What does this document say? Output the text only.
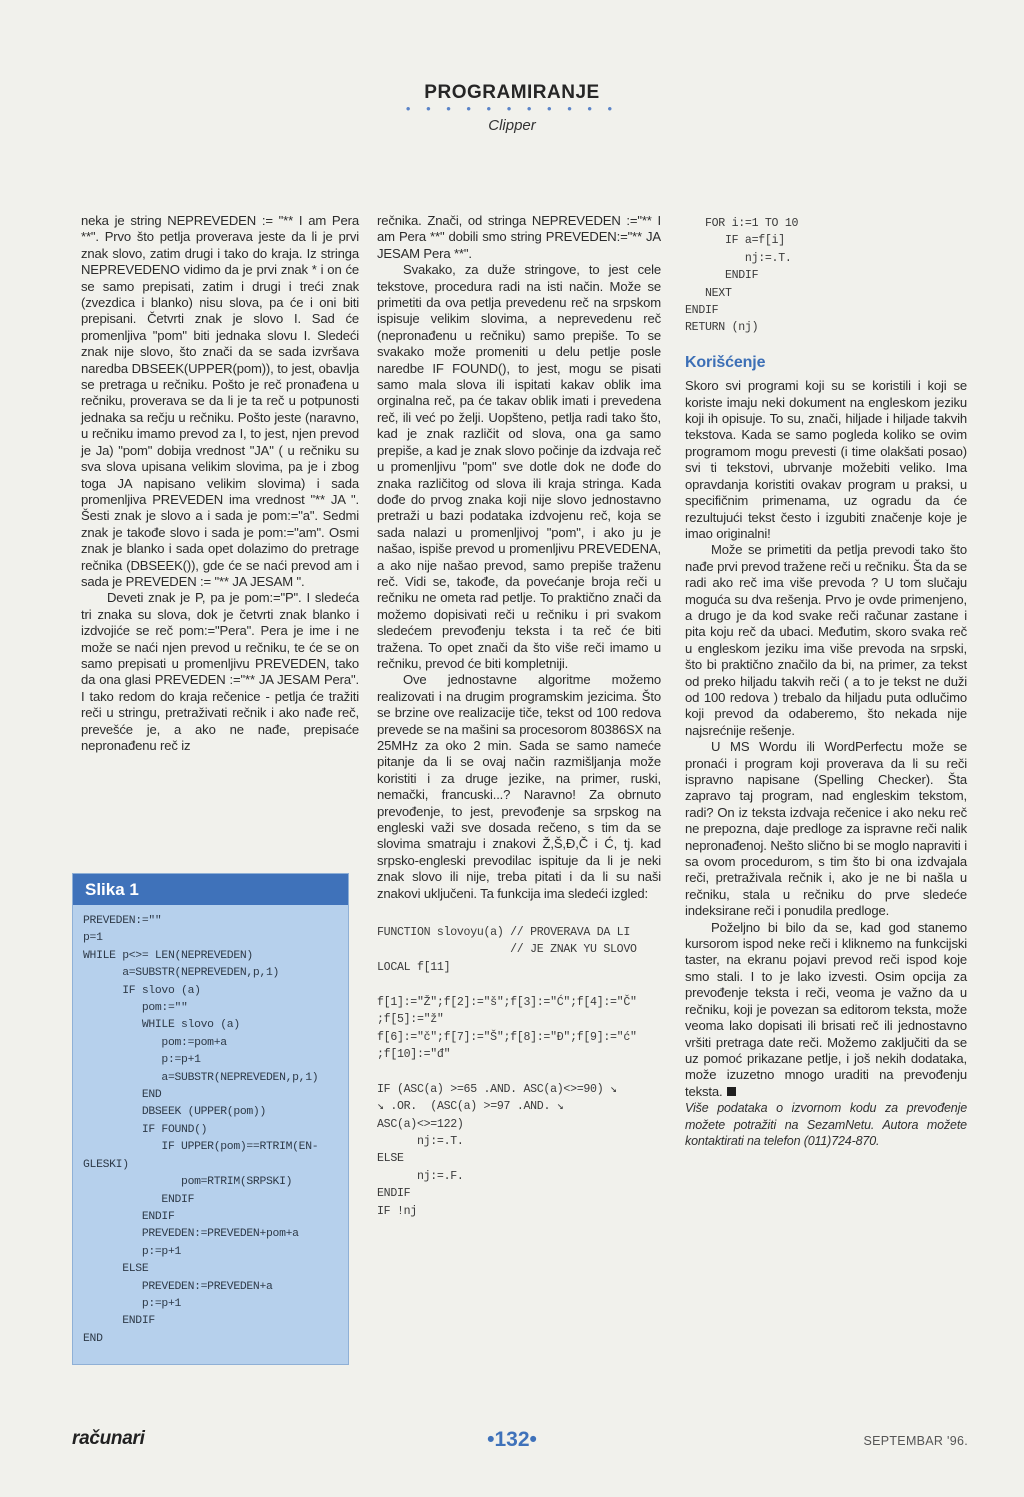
PROGRAMIRANJE
• • • • • • • • • • •
Clipper

neka je string NEPREVEDEN := "** I am Pera **". Prvo što petlja proverava jeste da li je prvi znak slovo, zatim drugi i tako do kraja. Iz stringa NEPREVEDENO vidimo da je prvi znak * i on će se samo prepisati, zatim i drugi i treći znak (zvezdica i blanko) nisu slova, pa će i oni biti prepisani. Četvrti znak je slovo I. Sad će promenljiva "pom" biti jednaka slovu I. Sledeći znak nije slovo, što znači da se sada izvršava naredba DBSEEK(UPPER(pom)), to jest, obavlja se pretraga u rečniku. Pošto je reč pronađena u rečniku, proverava se da li je ta reč u potpunosti jednaka sa rečju u rečniku. Pošto jeste (naravno, u rečniku imamo prevod za I, to jest, njen prevod je Ja) "pom" dobija vrednost "JA" ( u rečniku su sva slova upisana velikim slovima, pa je i zbog toga JA napisano velikim slovima) i sada promenljiva PREVEDEN ima vrednost "** JA ". Šesti znak je slovo a i sada je pom:="a". Sedmi znak je takođe slovo i sada je pom:="am". Osmi znak je blanko i sada opet dolazimo do pretrage rečnika (DBSEEK()), gde će se naći prevod am i sada je PREVEDEN := "** JA JESAM ".

Deveti znak je P, pa je pom:="P". I sledeća tri znaka su slova, dok je četvrti znak blanko i izdvojiće se reč pom:="Pera". Pera je ime i ne može se naći njen prevod u rečniku, te će se on samo prepisati u promenljivu PREVEDEN, tako da ona glasi PREVEDEN :="** JA JESAM Pera". I tako redom do kraja rečenice - petlja će tražiti reči u stringu, pretraživati rečnik i ako nađe reč, prevešće je, a ako ne nađe, prepisaće nepronađenu reč iz

Slika 1
PREVEDEN:=""
p=1
WHILE p<>= LEN(NEPREVEDEN)
a=SUBSTR(NEPREVEDEN,p,1)
IF slovo (a)
pom:=""
WHILE slovo (a)
pom:=pom+a
p:=p+1
a=SUBSTR(NEPREVEDEN,p,1)
END
DBSEEK (UPPER(pom))
IF FOUND()
IF UPPER(pom)==RTRIM(EN-
GLESKI)
pom=RTRIM(SRPSKI)
ENDIF
ENDIF
PREVEDEN:=PREVEDEN+pom+a
p:=p+1
ELSE
PREVEDEN:=PREVEDEN+a
p:=p+1
ENDIF
END

rečnika. Znači, od stringa NEPREVEDEN :="** I am Pera **" dobili smo string PREVEDEN:="** JA JESAM Pera **".

Svakako, za duže stringove, to jest cele tekstove, procedura radi na isti način. Može se primetiti da ova petlja prevedenu reč na srpskom ispisuje velikim slovima, a neprevedenu reč (nepronađenu u rečniku) samo prepiše. To se svakako može promeniti u delu petlje posle naredbe IF FOUND(), to jest, mogu se pisati samo mala slova ili ispitati kakav oblik ima orginalna reč, pa će takav oblik imati i prevedena reč, ili već po želji. Uopšteno, petlja radi tako što, kad je znak različit od slova, ona ga samo prepiše, a kad je znak slovo počinje da izdvaja reč u promenljivu "pom" sve dotle dok ne dođe do znaka različitog od slova ili kraja stringa. Kada dođe do prvog znaka koji nije slovo jednostavno pretraži u bazi podataka izdvojenu reč, koja se sada nalazi u promenljivoj "pom", i ako ju je našao, ispiše prevod u promenljivu PREVEDENA, a ako nije našao prevod, samo prepiše traženu reč. Vidi se, takođe, da povećanje broja reči u rečniku ne ometa rad petlje. To praktično znači da možemo dopisivati reči u rečniku i pri svakom sledećem prevođenju teksta i ta reč će biti tražena. To opet znači da što više reči imamo u rečniku, prevod će biti kompletniji.

Ove jednostavne algoritme možemo realizovati i na drugim programskim jezicima. Što se brzine ove realizacije tiče, tekst od 100 redova prevede se na mašini sa procesorom 80386SX na 25MHz za oko 2 min. Sada se samo nameće pitanje da li se ovaj način razmišljanja može koristiti i za druge jezike, na primer, ruski, nemački, francuski...? Naravno! Za obrnuto prevođenje, to jest, prevođenje sa srpskog na engleski važi sve dosada rečeno, s tim da se slovima smatraju i znakovi Ž,Š,Đ,Č i Ć, tj. kad srpsko-engleski prevodilac ispituje da li je neki znak slovo ili nije, treba pitati i da li su naši znakovi uključeni. Ta funkcija ima sledeći izgled:

FUNCTION slovoyu(a) // PROVERAVA DA LI
// JE ZNAK YU SLOVO
LOCAL f[11]

f[1]:="Ž";f[2]:="š";f[3]:="Ć";f[4]:="Č"
;f[5]:="ž"
f[6]:="č";f[7]:="Š";f[8]:="Đ";f[9]:="ć"
;f[10]:="đ"

IF (ASC(a) >=65 .AND. ASC(a)<>=90) ↘
↘ .OR.  (ASC(a) >=97 .AND. ↘
ASC(a)<>=122)
nj:=.T.
ELSE
nj:=.F.
ENDIF
IF !nj
FOR i:=1 TO 10
IF a=f[i]
nj:=.T.
ENDIF
NEXT
ENDIF
RETURN (nj)
Korišćenje

Skoro svi programi koji su se koristili i koji se koriste imaju neki dokument na engleskom jeziku koji ih opisuje. To su, znači, hiljade i hiljade takvih tekstova. Kada se samo pogleda koliko se ovim programom mogu prevesti (i time olakšati posao) svi ti tekstovi, ubrvanje možebiti veliko. Ima opravdanja koristiti ovakav program u praksi, u specifičnim primenama, uz ogradu da će rezultujući tekst često i izgubiti značenje koje je imao originalni!

Može se primetiti da petlja prevodi tako što nađe prvi prevod tražene reči u rečniku. Šta da se radi ako reč ima više prevoda ? U tom slučaju moguća su dva rešenja. Prvo je ovde primenjeno, a drugo je da kod svake reči računar zastane i pita koju reč da ubaci. Međutim, skoro svaka reč u engleskom jeziku ima više prevoda na srpski, što bi praktično značilo da bi, na primer, za tekst od preko hiljadu takvih reči ( a to je tekst ne duži od 100 redova ) trebalo da hiljadu puta odlučimo koji prevod da odaberemo, što nekada nije najsrećnije rešenje.

U MS Wordu ili WordPerfectu može se pronaći i program koji proverava da li su reči ispravno napisane (Spelling Checker). Šta zapravo taj program, nad engleskim tekstom, radi? On iz teksta izdvaja rečenice i ako neku reč ne prepozna, daje predloge za ispravne reči nalik nepronađenoj. Nešto slično bi se moglo napraviti i sa ovom procedurom, s tim što bi ona izdvajala reči, pretraživala rečnik i, ako je ne bi našla u rečniku, stala u rečniku do prve sledeće indeksirane reči i ponudila predloge.

Poželjno bi bilo da se, kad god stanemo kursorom ispod neke reči i kliknemo na funkcijski taster, na ekranu pojavi prevod reči ispod koje smo stali. I to je lako izvesti. Osim opcija za prevođenje teksta i reči, veoma je važno da u rečniku, koji je povezan sa editorom teksta, može veoma lako dopisati ili brisati reč ili jednostavno vršiti pretraga date reči. Možemo zaključiti da se uz pomoć prikazane petlje, i još nekih dodataka, može izuzetno mnogo uraditi na prevođenju teksta.

Više podataka o izvornom kodu za prevođenje možete potražiti na SezamNetu. Autora možete kontaktirati na telefon (011)724-870.

računari	•132•	SEPTEMBAR '96.
